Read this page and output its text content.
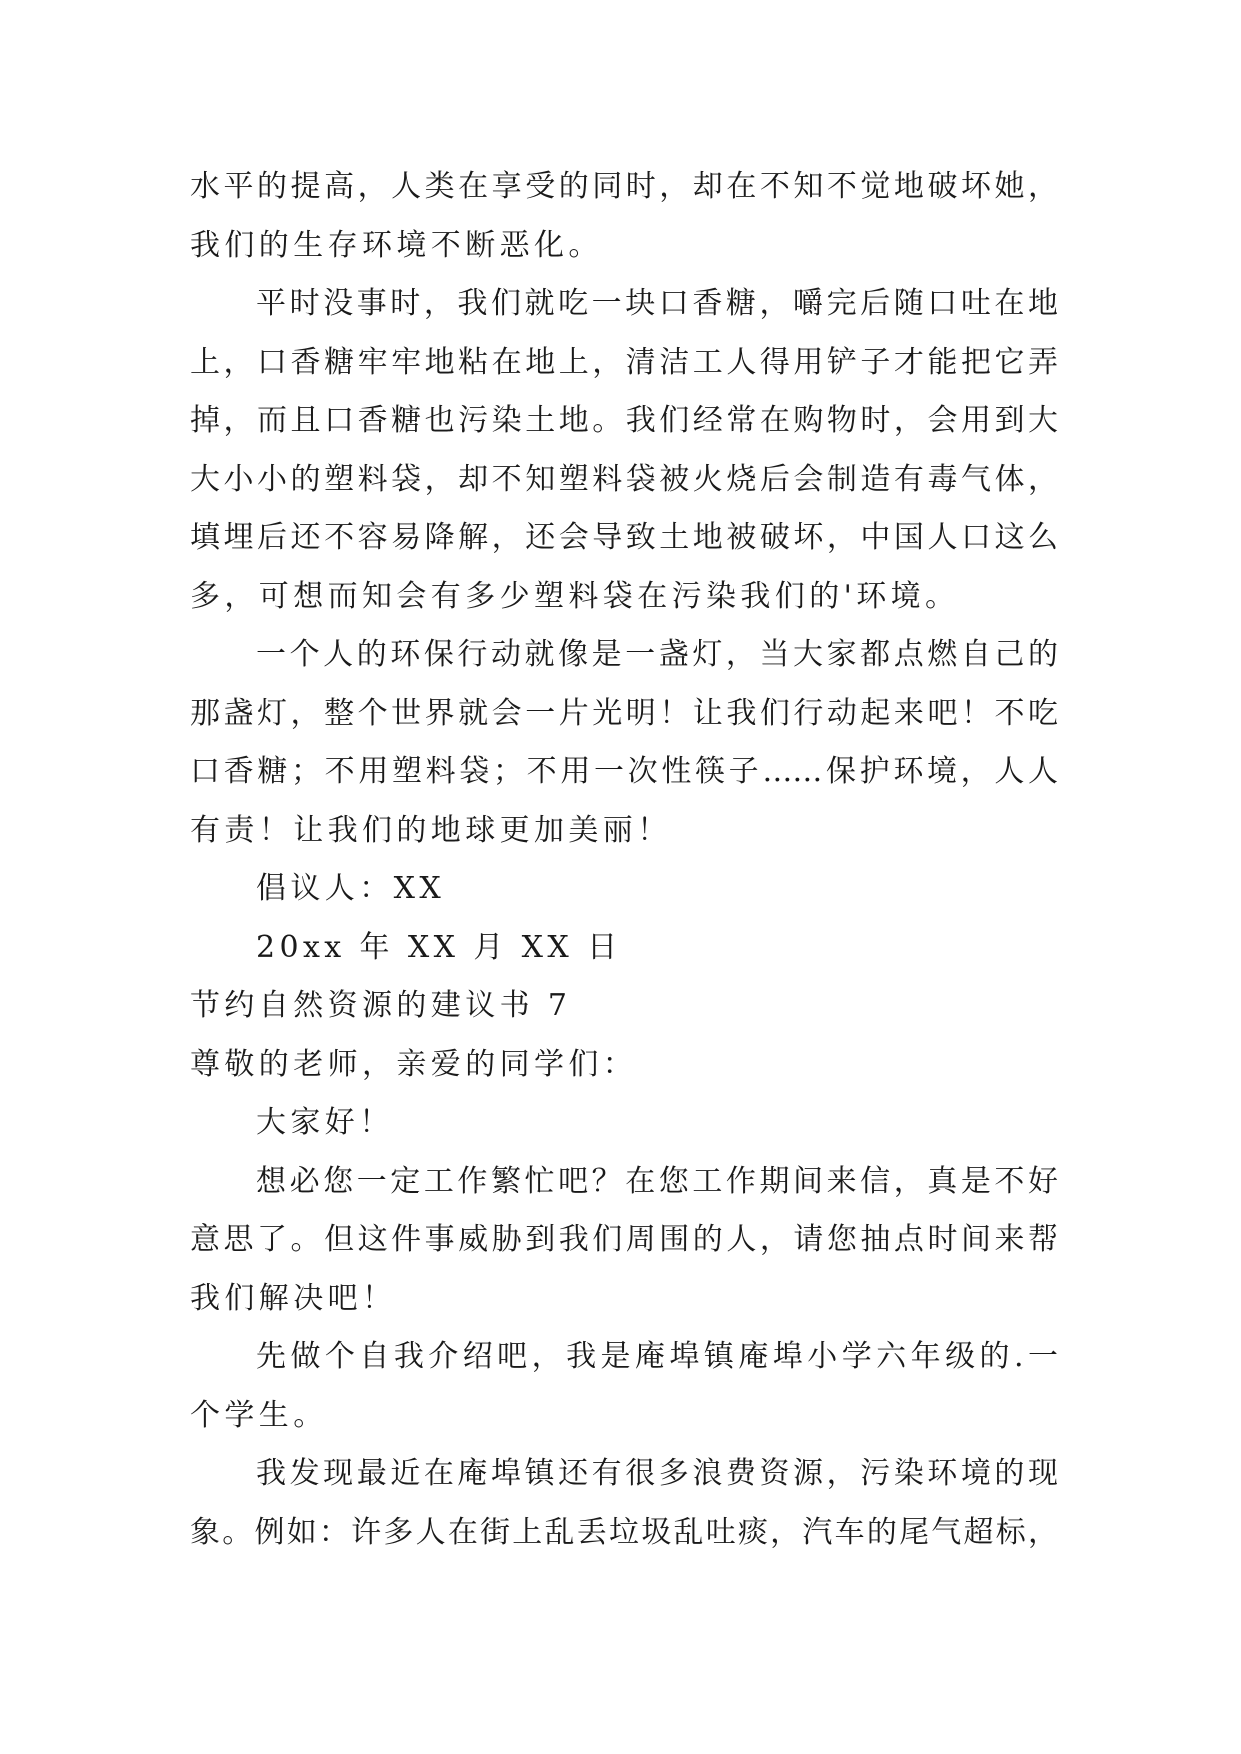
水平的提高，人类在享受的同时，却在不知不觉地破坏她，
我们的生存环境不断恶化。
平时没事时，我们就吃一块口香糖，嚼完后随口吐在地
上，口香糖牢牢地粘在地上，清洁工人得用铲子才能把它弄
掉，而且口香糖也污染土地。我们经常在购物时，会用到大
大小小的塑料袋，却不知塑料袋被火烧后会制造有毒气体，
填埋后还不容易降解，还会导致土地被破坏，中国人口这么
多，可想而知会有多少塑料袋在污染我们的'环境。
一个人的环保行动就像是一盏灯，当大家都点燃自己的
那盏灯，整个世界就会一片光明！让我们行动起来吧！不吃
口香糖；不用塑料袋；不用一次性筷子……保护环境，人人
有责！让我们的地球更加美丽！
倡议人：XX
20xx 年 XX 月 XX 日
节约自然资源的建议书 7
尊敬的老师，亲爱的同学们：
大家好！
想必您一定工作繁忙吧？在您工作期间来信，真是不好
意思了。但这件事威胁到我们周围的人，请您抽点时间来帮
我们解决吧！
先做个自我介绍吧，我是庵埠镇庵埠小学六年级的.一
个学生。
我发现最近在庵埠镇还有很多浪费资源，污染环境的现
象。例如：许多人在街上乱丢垃圾乱吐痰，汽车的尾气超标，
